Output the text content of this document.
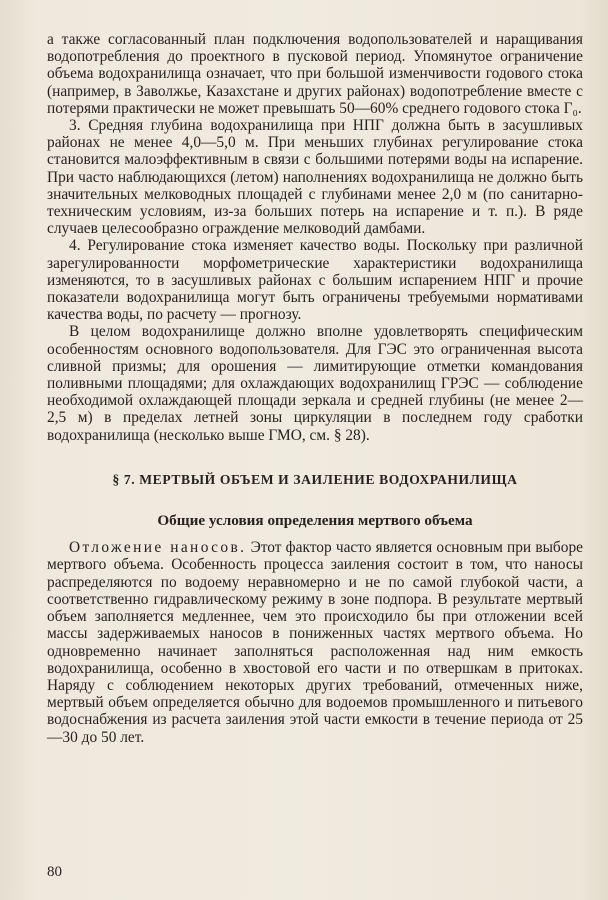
а также согласованный план подключения водопользователей и наращивания водопотребления до проектного в пусковой период. Упомянутое ограничение объема водохранилища означает, что при большой изменчивости годового стока (например, в Заволжье, Казахстане и других районах) водопотребление вместе с потерями практически не может превышать 50—60% среднего годового стока Г₀.

3. Средняя глубина водохранилища при НПГ должна быть в засушливых районах не менее 4,0—5,0 м. При меньших глубинах регулирование стока становится малоэффективным в связи с большими потерями воды на испарение. При часто наблюдающихся (летом) наполнениях водохранилища не должно быть значительных мелководных площадей с глубинами менее 2,0 м (по санитарно-техническим условиям, из-за больших потерь на испарение и т. п.). В ряде случаев целесообразно ограждение мелководий дамбами.

4. Регулирование стока изменяет качество воды. Поскольку при различной зарегулированности морфометрические характеристики водохранилища изменяются, то в засушливых районах с большим испарением НПГ и прочие показатели водохранилища могут быть ограничены требуемыми нормативами качества воды, по расчету — прогнозу.

В целом водохранилище должно вполне удовлетворять специфическим особенностям основного водопользователя. Для ГЭС это ограниченная высота сливной призмы; для орошения — лимитирующие отметки командования поливными площадями; для охлаждающих водохранилищ ГРЭС — соблюдение необходимой охлаждающей площади зеркала и средней глубины (не менее 2—2,5 м) в пределах летней зоны циркуляции в последнем году сработки водохранилища (несколько выше ГМО, см. § 28).

§ 7. МЕРТВЫЙ ОБЪЕМ И ЗАИЛЕНИЕ ВОДОХРАНИЛИЩА
Общие условия определения мертвого объема

Отложение наносов. Этот фактор часто является основным при выборе мертвого объема. Особенность процесса заиления состоит в том, что наносы распределяются по водоему неравномерно и не по самой глубокой части, а соответственно гидравлическому режиму в зоне подпора. В результате мертвый объем заполняется медленнее, чем это происходило бы при отложении всей массы задерживаемых наносов в пониженных частях мертвого объема. Но одновременно начинает заполняться расположенная над ним емкость водохранилища, особенно в хвостовой его части и по отвершкам в притоках. Наряду с соблюдением некоторых других требований, отмеченных ниже, мертвый объем определяется обычно для водоемов промышленного и питьевого водоснабжения из расчета заиления этой части емкости в течение периода от 25—30 до 50 лет.

80
